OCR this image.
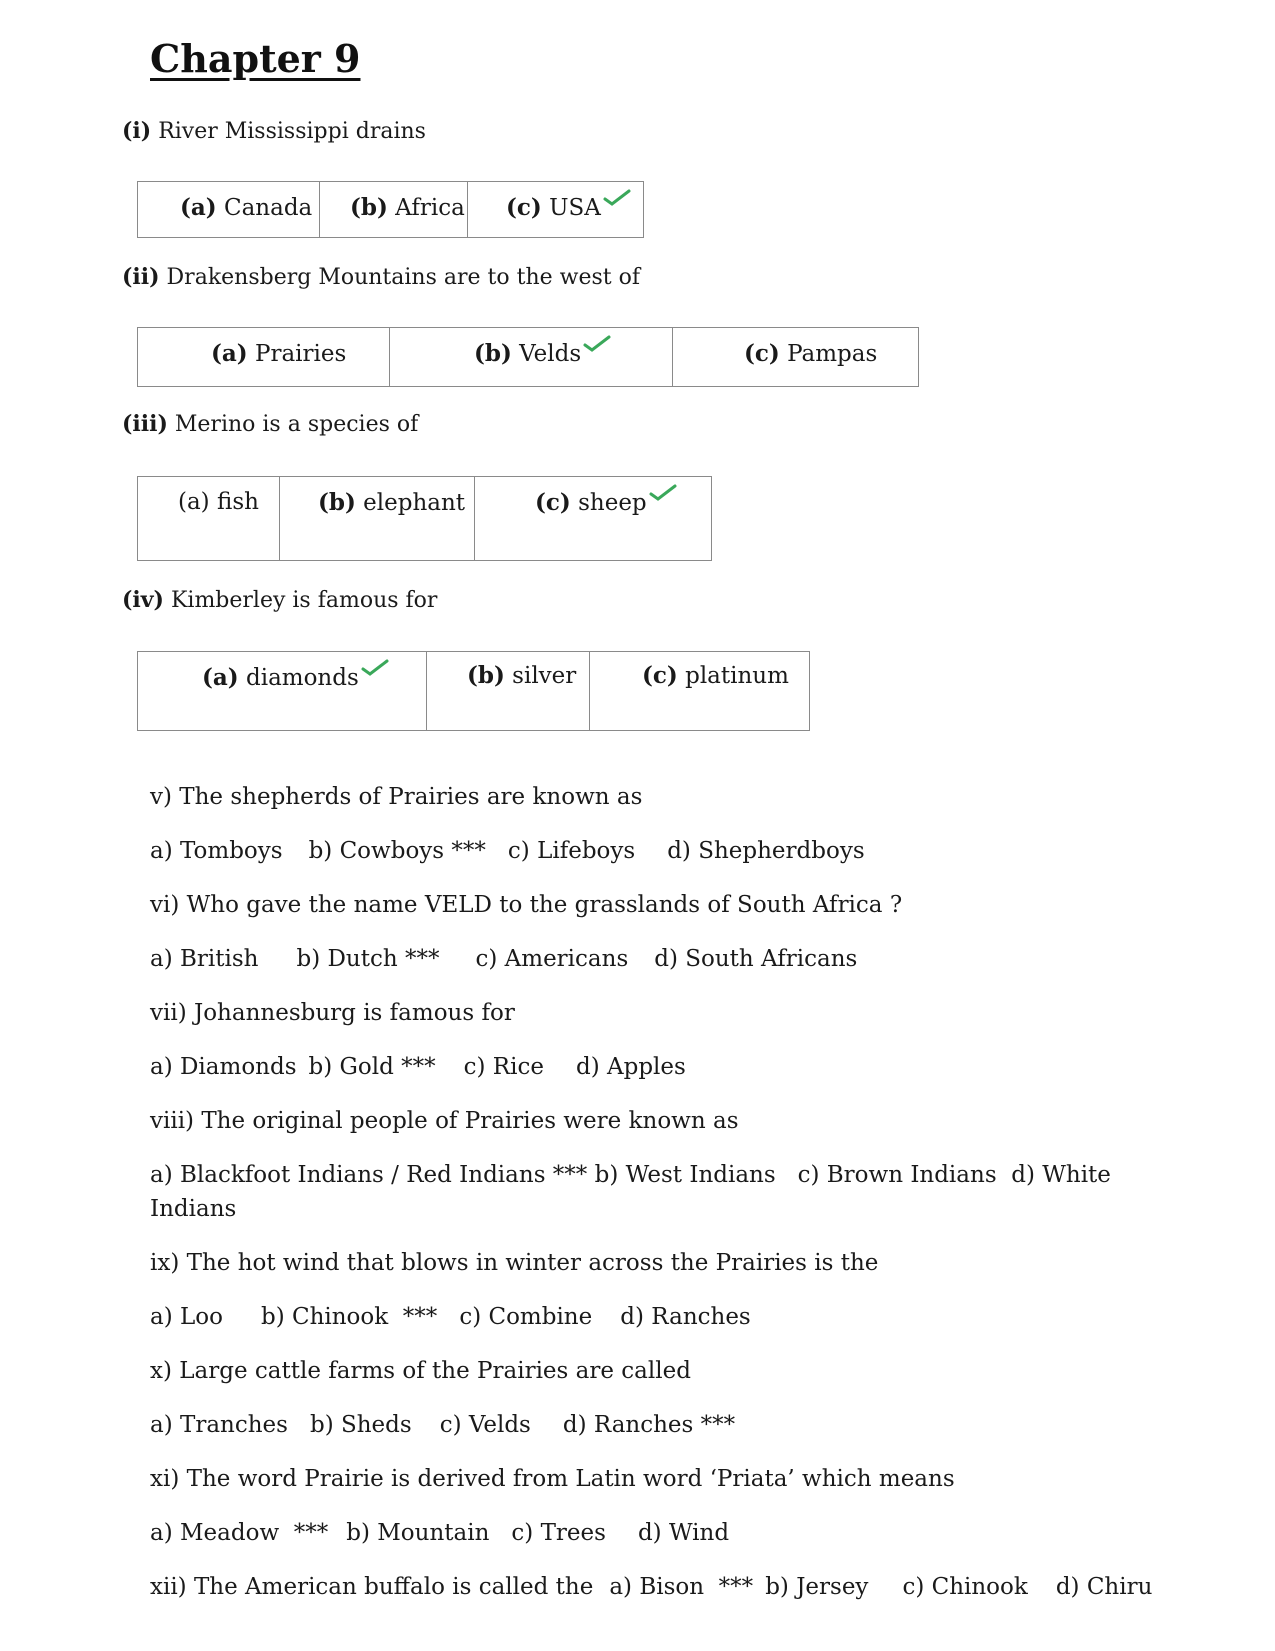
Chapter 9
(i) River Mississippi drains
(a) Canada	(b) Africa	(c) USA
(ii) Drakensberg Mountains are to the west of
(a) Prairies	(b) Velds	(c) Pampas
(iii) Merino is a species of
(a) fish	(b) elephant	(c) sheep
(iv) Kimberley is famous for
(a) diamonds	(b) silver	(c) platinum
v) The shepherds of Prairies are known as
a) Tomboys b) Cowboys *** c) Lifeboys d) Shepherdboys
vi) Who gave the name VELD to the grasslands of South Africa ?
a) British b) Dutch *** c) Americans d) South Africans
vii) Johannesburg is famous for
a) Diamonds b) Gold *** c) Rice d) Apples
viii) The original people of Prairies were known as
a) Blackfoot Indians / Red Indians *** b) West Indians   c) Brown Indians  d) White
Indians
ix) The hot wind that blows in winter across the Prairies is the
a) Loo b) Chinook  *** c) Combine d) Ranches
x) Large cattle farms of the Prairies are called
a) Tranches b) Sheds c) Velds d) Ranches ***
xi) The word Prairie is derived from Latin word ‘Priata’ which means
a) Meadow  *** b) Mountain c) Trees d) Wind
xii) The American buffalo is called the a) Bison  *** b) Jersey c) Chinook d) Chiru
